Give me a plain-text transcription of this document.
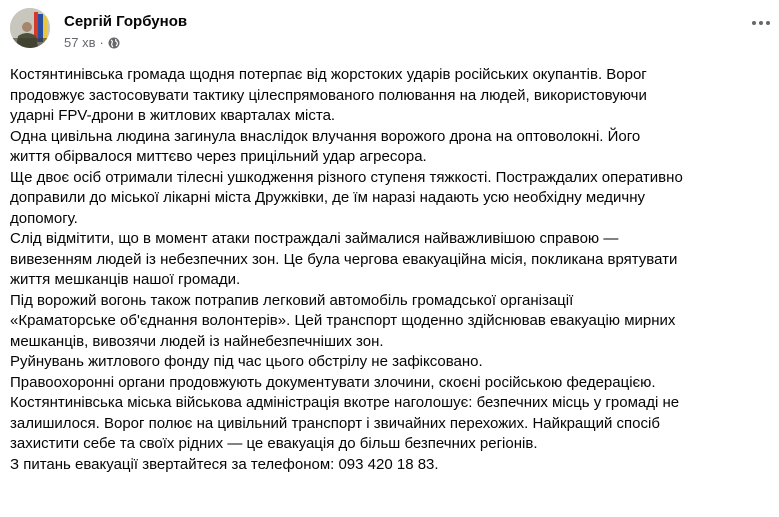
Сергій Горбунов
57 хв ·
Костянтинівська громада щодня потерпає від жорстоких ударів російських окупантів. Ворог
продовжує застосовувати тактику цілеспрямованого полювання на людей, використовуючи
ударні FPV-дрони в житлових кварталах міста.
Одна цивільна людина загинула внаслідок влучання ворожого дрона на оптоволокні. Його
життя обірвалося миттєво через прицільний удар агресора.
Ще двоє осіб отримали тілесні ушкодження різного ступеня тяжкості. Постраждалих оперативно
доправили до міської лікарні міста Дружківки, де їм наразі надають усю необхідну медичну
допомогу.
Слід відмітити, що в момент атаки постраждалі займалися найважливішою справою —
вивезенням людей із небезпечних зон. Це була чергова евакуаційна місія, покликана врятувати
життя мешканців нашої громади.
Під ворожий вогонь також потрапив легковий автомобіль громадської організації
«Краматорське об'єднання волонтерів». Цей транспорт щоденно здійснював евакуацію мирних
мешканців, вивозячи людей із найнебезпечніших зон.
Руйнувань житлового фонду під час цього обстрілу не зафіксовано.
Правоохоронні органи продовжують документувати злочини, скоєні російською федерацією.
Костянтинівська міська військова адміністрація вкотре наголошує: безпечних місць у громаді не
залишилося. Ворог полює на цивільний транспорт і звичайних перехожих. Найкращий спосіб
захистити себе та своїх рідних — це евакуація до більш безпечних регіонів.
З питань евакуації звертайтеся за телефоном: 093 420 18 83.
